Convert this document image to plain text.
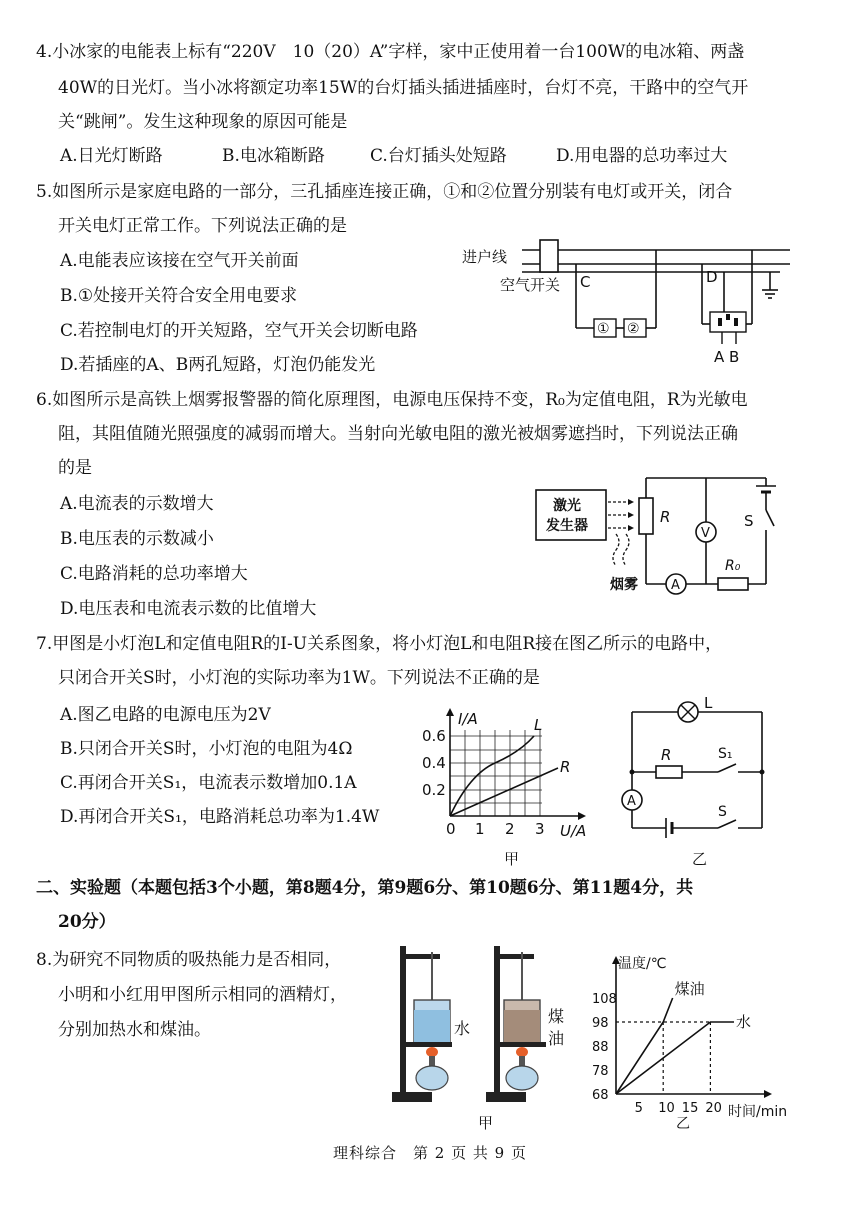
4.小冰家的电能表上标有“220V　10（20）A”字样，家中正使用着一台100W的电冰箱、两盏
40W的日光灯。当小冰将额定功率15W的台灯插头插进插座时，台灯不亮，干路中的空气开
关“跳闸”。发生这种现象的原因可能是
A.日光灯断路	B.电冰箱断路	C.台灯插头处短路	D.用电器的总功率过大
5.如图所示是家庭电路的一部分，三孔插座连接正确，①和②位置分别装有电灯或开关，闭合
开关电灯正常工作。下列说法正确的是
A.电能表应该接在空气开关前面
B.①处接开关符合安全用电要求
C.若控制电灯的开关短路，空气开关会切断电路
D.若插座的A、B两孔短路，灯泡仍能发光
进户线
空气开关 C
① ②
D
A B
6.如图所示是高铁上烟雾报警器的简化原理图，电源电压保持不变，R₀为定值电阻，R为光敏电
阻，其阻值随光照强度的减弱而增大。当射向光敏电阻的激光被烟雾遮挡时，下列说法正确
的是
A.电流表的示数增大
B.电压表的示数减小
C.电路消耗的总功率增大
D.电压表和电流表示数的比值增大
激光
发生器
烟雾
R
A
R₀
V
S
7.甲图是小灯泡L和定值电阻R的I-U关系图象，将小灯泡L和电阻R接在图乙所示的电路中，
只闭合开关S时，小灯泡的实际功率为1W。下列说法不正确的是
A.图乙电路的电源电压为2V
B.只闭合开关S时，小灯泡的电阻为4Ω
C.再闭合开关S₁，电流表示数增加0.1A
D.再闭合开关S₁，电路消耗总功率为1.4W
I/A
U/A
0.6
0.4
0.2
0 1 2 3
L
R
甲
L
R	S₁
A
S
乙
二、实验题（本题包括3个小题，第8题4分，第9题6分、第10题6分、第11题4分，共
20分）
8.为研究不同物质的吸热能力是否相同，
小明和小红用甲图所示相同的酒精灯，
分别加热水和煤油。	水
煤
油
甲
温度/℃
时间/min
68
78
88
98
108
5 10 15 20
煤油
水
乙
理科综合　第 2 页 共 9 页
